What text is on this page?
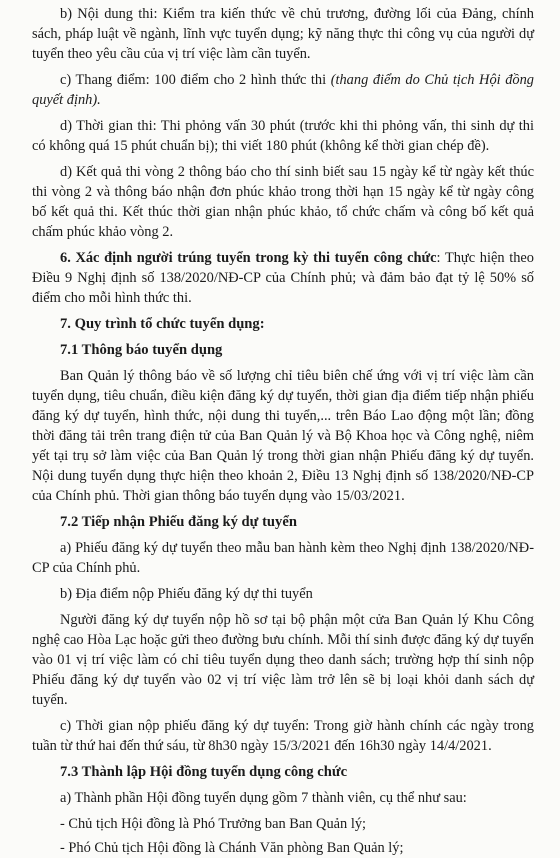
b) Nội dung thi: Kiểm tra kiến thức về chủ trương, đường lối của Đảng, chính sách, pháp luật về ngành, lĩnh vực tuyển dụng; kỹ năng thực thi công vụ của người dự tuyển theo yêu cầu của vị trí việc làm cần tuyển.

c) Thang điểm: 100 điểm cho 2 hình thức thi (thang điểm do Chủ tịch Hội đồng quyết định).

d) Thời gian thi: Thi phỏng vấn 30 phút (trước khi thi phỏng vấn, thi sinh dự thi có không quá 15 phút chuẩn bị); thi viết 180 phút (không kể thời gian chép đề).

d) Kết quả thi vòng 2 thông báo cho thí sinh biết sau 15 ngày kể từ ngày kết thúc thi vòng 2 và thông báo nhận đơn phúc khảo trong thời hạn 15 ngày kể từ ngày công bố kết quả thi. Kết thúc thời gian nhận phúc khảo, tổ chức chấm và công bố kết quả chấm phúc khảo vòng 2.

6. Xác định người trúng tuyển trong kỳ thi tuyển công chức: Thực hiện theo Điều 9 Nghị định số 138/2020/NĐ-CP của Chính phủ; và đảm bảo đạt tỷ lệ 50% số điểm cho mỗi hình thức thi.

7. Quy trình tổ chức tuyển dụng:
7.1 Thông báo tuyển dụng

Ban Quản lý thông báo về số lượng chỉ tiêu biên chế ứng với vị trí việc làm cần tuyển dụng, tiêu chuẩn, điều kiện đăng ký dự tuyển, thời gian địa điểm tiếp nhận phiếu đăng ký dự tuyển, hình thức, nội dung thi tuyển,... trên Báo Lao động một lần; đồng thời đăng tải trên trang điện tử của Ban Quản lý và Bộ Khoa học và Công nghệ, niêm yết tại trụ sở làm việc của Ban Quản lý trong thời gian nhận Phiếu đăng ký dự tuyển. Nội dung tuyển dụng thực hiện theo khoản 2, Điều 13 Nghị định số 138/2020/NĐ-CP của Chính phủ. Thời gian thông báo tuyển dụng vào 15/03/2021.

7.2 Tiếp nhận Phiếu đăng ký dự tuyển

a) Phiếu đăng ký dự tuyển theo mẫu ban hành kèm theo Nghị định 138/2020/NĐ-CP của Chính phủ.

b) Địa điểm nộp Phiếu đăng ký dự thi tuyển

Người đăng ký dự tuyển nộp hồ sơ tại bộ phận một cửa Ban Quản lý Khu Công nghệ cao Hòa Lạc hoặc gửi theo đường bưu chính. Mỗi thí sinh được đăng ký dự tuyển vào 01 vị trí việc làm có chỉ tiêu tuyển dụng theo danh sách; trường hợp thí sinh nộp Phiếu đăng ký dự tuyển vào 02 vị trí việc làm trở lên sẽ bị loại khỏi danh sách dự tuyển.

c) Thời gian nộp phiếu đăng ký dự tuyển: Trong giờ hành chính các ngày trong tuần từ thứ hai đến thứ sáu, từ 8h30 ngày 15/3/2021 đến 16h30 ngày 14/4/2021.

7.3 Thành lập Hội đồng tuyển dụng công chức

a) Thành phần Hội đồng tuyển dụng gồm 7 thành viên, cụ thể như sau:

- Chủ tịch Hội đồng là Phó Trưởng ban Ban Quản lý;

- Phó Chủ tịch Hội đồng là Chánh Văn phòng Ban Quản lý;
